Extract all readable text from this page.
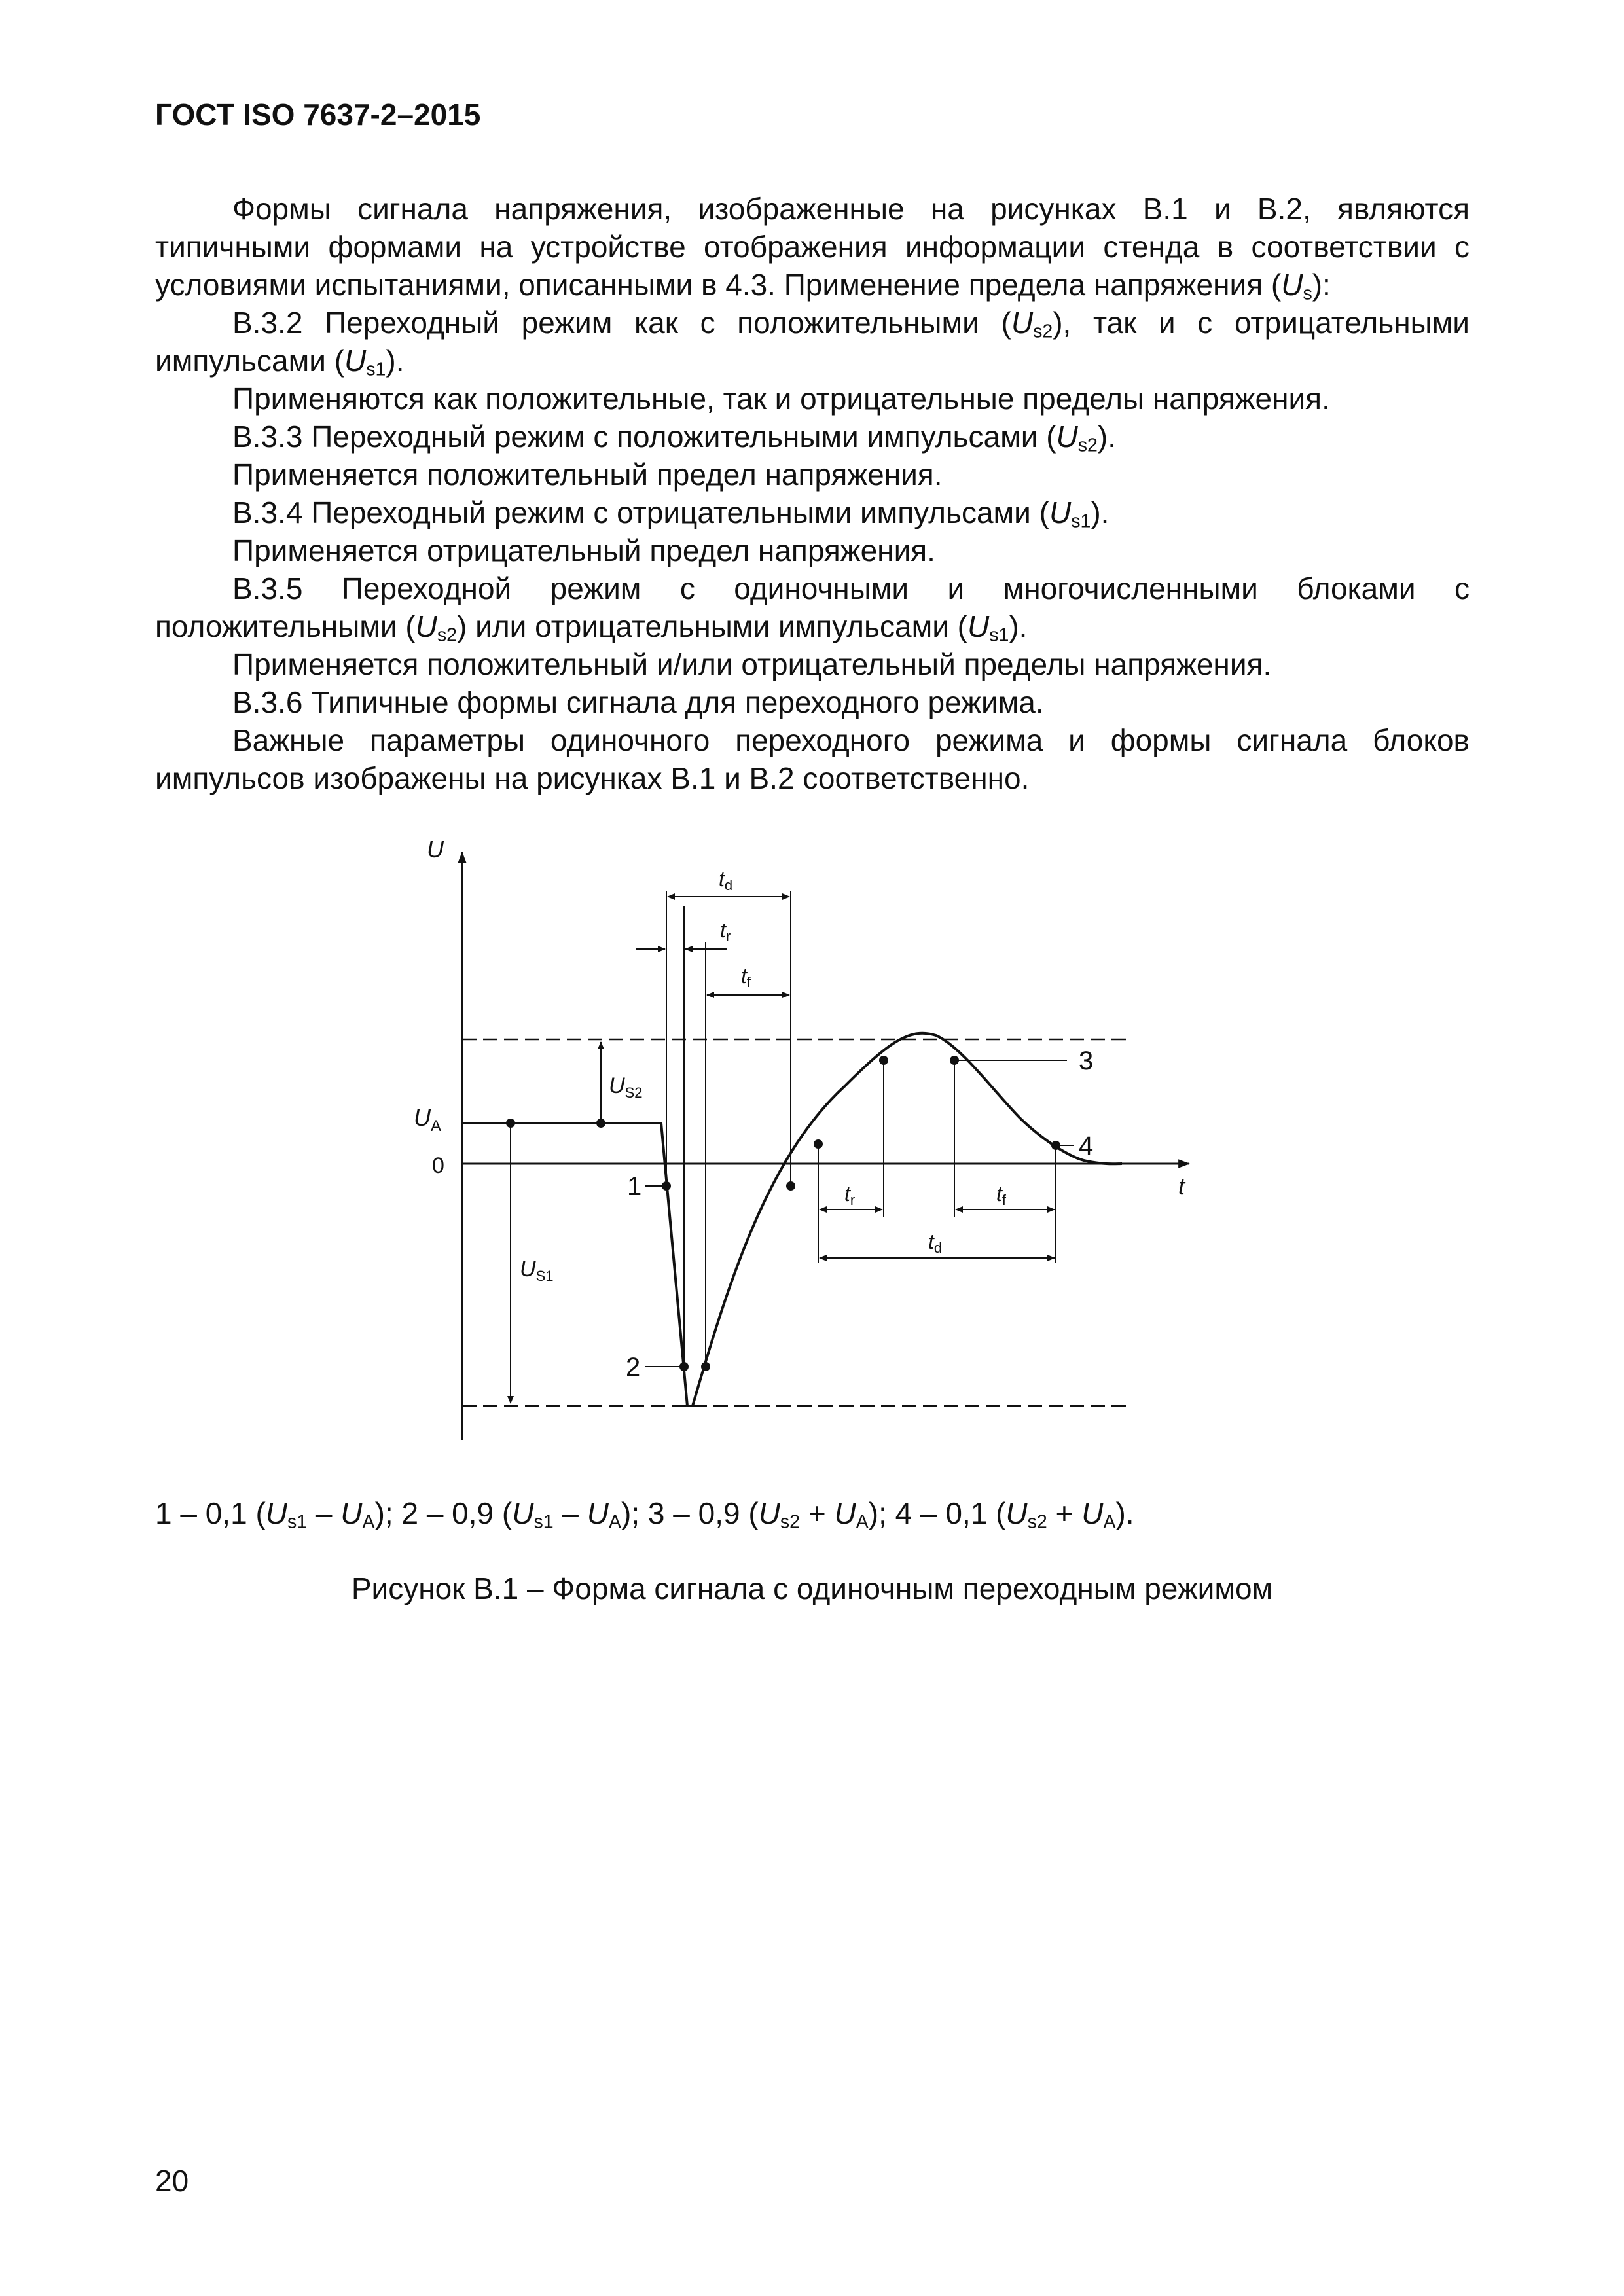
ГОСТ ISO 7637-2–2015

Формы сигнала напряжения, изображенные на рисунках B.1 и B.2, являются типичными формами на устройстве отображения информации стенда в соответствии с условиями испытаниями, описанными в 4.3. Применение предела напряжения $(U_s)$:

B.3.2 Переходный режим как с положительными $(U_{s2})$, так и с отрицательными импульсами $(U_{s1})$.

Применяются как положительные, так и отрицательные пределы напряжения.

B.3.3 Переходный режим с положительными импульсами $(U_{s2})$.

Применяется положительный предел напряжения.

B.3.4 Переходный режим с отрицательными импульсами $(U_{s1})$.

Применяется отрицательный предел напряжения.

B.3.5 Переходной режим с одиночными и многочисленными блоками с положительными $(U_{s2})$ или отрицательными импульсами $(U_{s1})$.

Применяется положительный и/или отрицательный пределы напряжения.

B.3.6 Типичные формы сигнала для переходного режима.

Важные параметры одиночного переходного режима и формы сигнала блоков импульсов изображены на рисунках B.1 и B.2 соответственно.

U
t
$U_A$
0
$U_{S2}$
$U_{S1}$
td
tr
tf
tr	tf
td
1
2
3
4
1 – 0,1 $(U_{s1} - U_A)$; 2 – 0,9 $(U_{s1} - U_A)$; 3 – 0,9 $(U_{s2} + U_A)$; 4 – 0,1 $(U_{s2} + U_A)$.
Рисунок B.1 – Форма сигнала с одиночным переходным режимом
20
